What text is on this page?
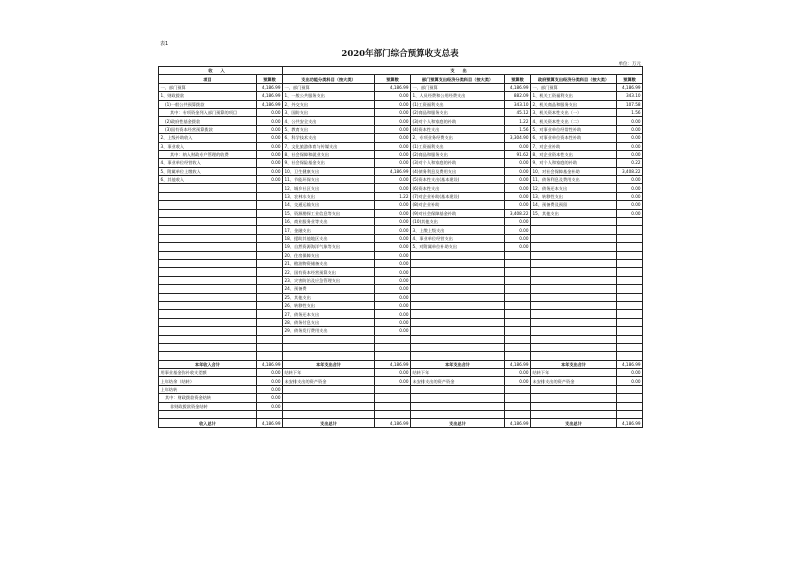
表1
2020年部门综合预算收支总表
单位：万元
收入		支出					
项目	预算数	支出功能分类科目（按大类）	预算数	部门预算支出经济分类科目（按大类）	预算数	政府预算支出经济分类科目（按大类）	预算数
一、部门预算	4,186.99	一、部门预算	4,186.99	一、部门预算	4,186.99	一、部门预算	4,186.99
1、财政拨款	4,186.99	1、一般公共服务支出	0.00	1、人员经费和公用经费支出	882.09	1、机关工资福利支出	343.10
(1)一般公共预算拨款	4,186.99	2、外交支出	0.00	(1)工资福利支出	343.10	2、机关商品和服务支出	107.58
其中：专项资金列入部门预算的项目	0.00	3、国防支出	0.00	(2)商品和服务支出	45.12	3、机关资本性支出（一）	1.56
(2)政府性基金拨款	0.00	4、公共安全支出	0.00	(3)对个人和家庭的补助	1.22	4、机关资本性支出（二）	0.00
(3)国有资本经营预算拨款	0.00	5、教育支出	0.00	(4)资本性支出	1.56	5、对事业单位经常性补助	0.00
2、上级补助收入	0.00	6、科学技术支出	0.00	2、专项业务经费支出	3,304.90	6、对事业单位资本性补助	0.00
3、事业收入	0.00	7、文化旅游体育与传媒支出	0.00	(1)工资福利支出	0.00	7、对企业补助	0.00
其中：纳入财政专户管理的收费	0.00	8、社会保障和就业支出	0.00	(2)商品和服务支出	91.62	8、对企业资本性支出	0.00
4、事业单位经营收入	0.00	9、社会保险基金支出	0.00	(3)对个人和家庭的补助	0.00	9、对个人和家庭的补助	0.22
5、附属单位上缴收入	0.00	10、卫生健康支出	4,186.99	(4)债务利息及费用支出	0.00	10、对社会保障基金补助	3,408.22
6、其他收入	0.00	11、节能环保支出	0.00	(5)资本性支出(基本建设)	0.00	11、债务利息及费用支出	0.00
		12、城乡社区支出	0.00	(6)资本性支出	0.00	12、债务还本支出	0.00
		13、农林水支出	1.22	(7)对企业补助(基本建设)	0.00	13、转移性支出	0.00
		14、交通运输支出	0.00	(8)对企业补助	0.00	14、预备费及预留	0.00
		15、资源勘探工业信息等支出	0.00	(9)对社会保障基金补助	3,408.22	15、其他支出	0.00
		16、商业服务业等支出	0.00	(10)其他支出	0.00		
		17、金融支出	0.00	3、上缴上级支出	0.00		
		18、援助其他地区支出	0.00	4、事业单位经营支出	0.00		
		19、自然资源海洋气象等支出	0.00	5、对附属单位补助支出	0.00		
		20、住房保障支出	0.00				
		21、粮油物资储备支出	0.00				
		22、国有资本经营预算支出	0.00				
		23、灾害防治及应急管理支出	0.00				
		24、预备费	0.00				
		25、其他支出	0.00				
		26、转移性支出	0.00				
		27、债务还本支出	0.00				
		28、债务付息支出	0.00				
		29、债务发行费用支出	0.00				

本年收入合计	4,186.99	本年支出合计	4,186.99	本年支出合计	4,186.99	本年支出合计	4,186.99
用事业基金弥补收支差额	0.00	结转下年	0.00	结转下年	0.00	结转下年	0.00
上年结余（结转）	0.00	未安排支出的资产资金	0.00	未安排支出的资产资金	0.00	未安排支出的资产资金	0.00
上年结转	0.00						
其中：财政拨款资金结转	0.00						
非财政拨款资金结转	0.00						

收入总计	4,186.99	支出总计	4,186.99	支出总计	4,186.99	支出总计	4,186.99
